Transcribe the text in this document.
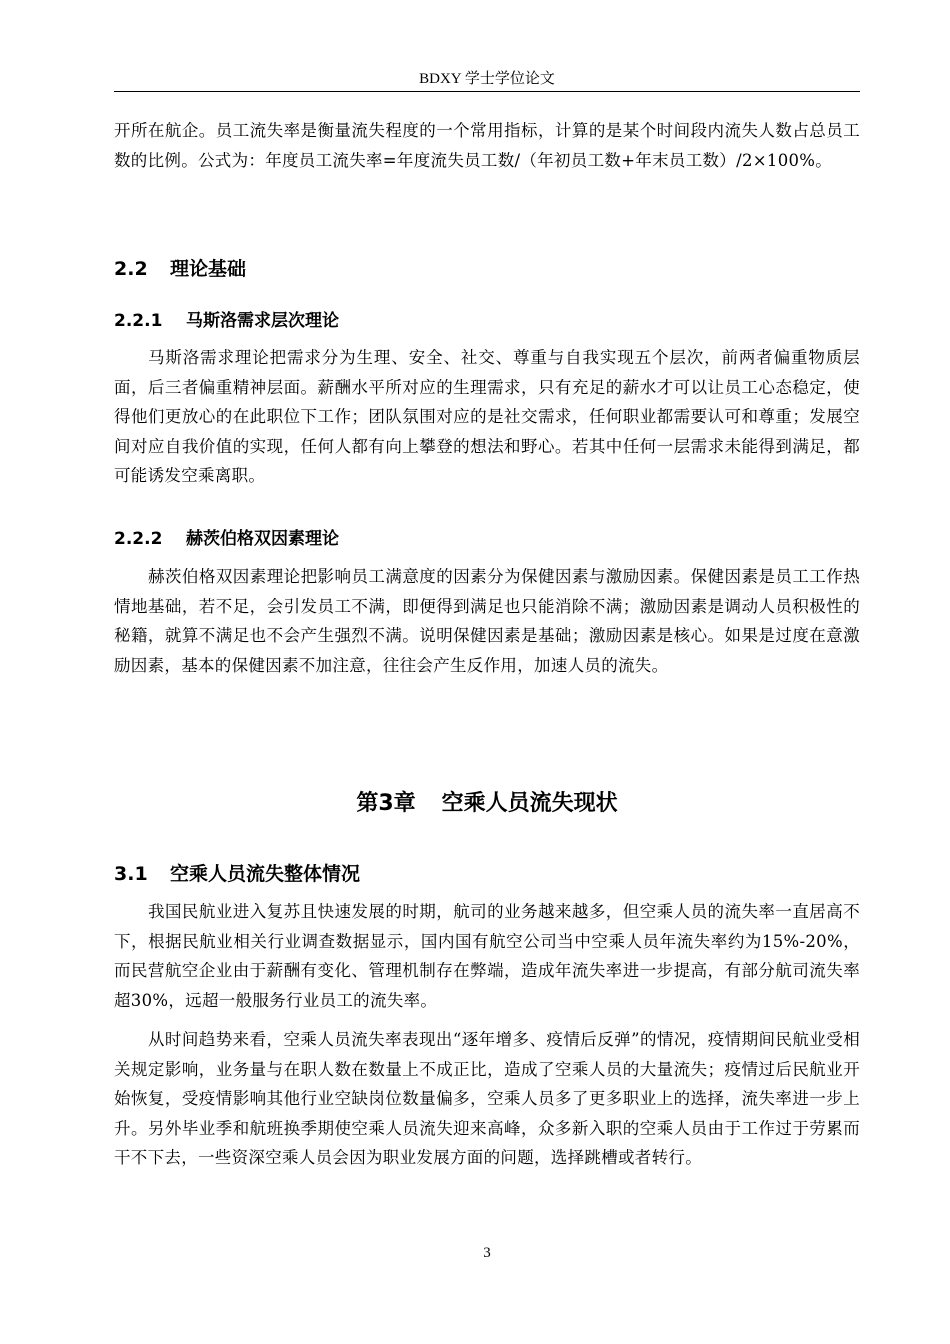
BDXY 学士学位论文

开所在航企。员工流失率是衡量流失程度的一个常用指标，计算的是某个时间段内流失人数占总员工数的比例。公式为：年度员工流失率=年度流失员工数/（年初员工数+年末员工数）/2×100%。

2.2 理论基础
2.2.1 马斯洛需求层次理论

马斯洛需求理论把需求分为生理、安全、社交、尊重与自我实现五个层次，前两者偏重物质层面，后三者偏重精神层面。薪酬水平所对应的生理需求，只有充足的薪水才可以让员工心态稳定，使得他们更放心的在此职位下工作；团队氛围对应的是社交需求，任何职业都需要认可和尊重；发展空间对应自我价值的实现，任何人都有向上攀登的想法和野心。若其中任何一层需求未能得到满足，都可能诱发空乘离职。

2.2.2 赫茨伯格双因素理论

赫茨伯格双因素理论把影响员工满意度的因素分为保健因素与激励因素。保健因素是员工工作热情地基础，若不足，会引发员工不满，即便得到满足也只能消除不满；激励因素是调动人员积极性的秘籍，就算不满足也不会产生强烈不满。说明保健因素是基础；激励因素是核心。如果是过度在意激励因素，基本的保健因素不加注意，往往会产生反作用，加速人员的流失。

第3章 空乘人员流失现状
3.1 空乘人员流失整体情况

我国民航业进入复苏且快速发展的时期，航司的业务越来越多，但空乘人员的流失率一直居高不下，根据民航业相关行业调查数据显示，国内国有航空公司当中空乘人员年流失率约为15%-20%，而民营航空企业由于薪酬有变化、管理机制存在弊端，造成年流失率进一步提高，有部分航司流失率超30%，远超一般服务行业员工的流失率。

从时间趋势来看，空乘人员流失率表现出“逐年增多、疫情后反弹”的情况，疫情期间民航业受相关规定影响，业务量与在职人数在数量上不成正比，造成了空乘人员的大量流失；疫情过后民航业开始恢复，受疫情影响其他行业空缺岗位数量偏多，空乘人员多了更多职业上的选择，流失率进一步上升。另外毕业季和航班换季期使空乘人员流失迎来高峰，众多新入职的空乘人员由于工作过于劳累而干不下去，一些资深空乘人员会因为职业发展方面的问题，选择跳槽或者转行。

3
